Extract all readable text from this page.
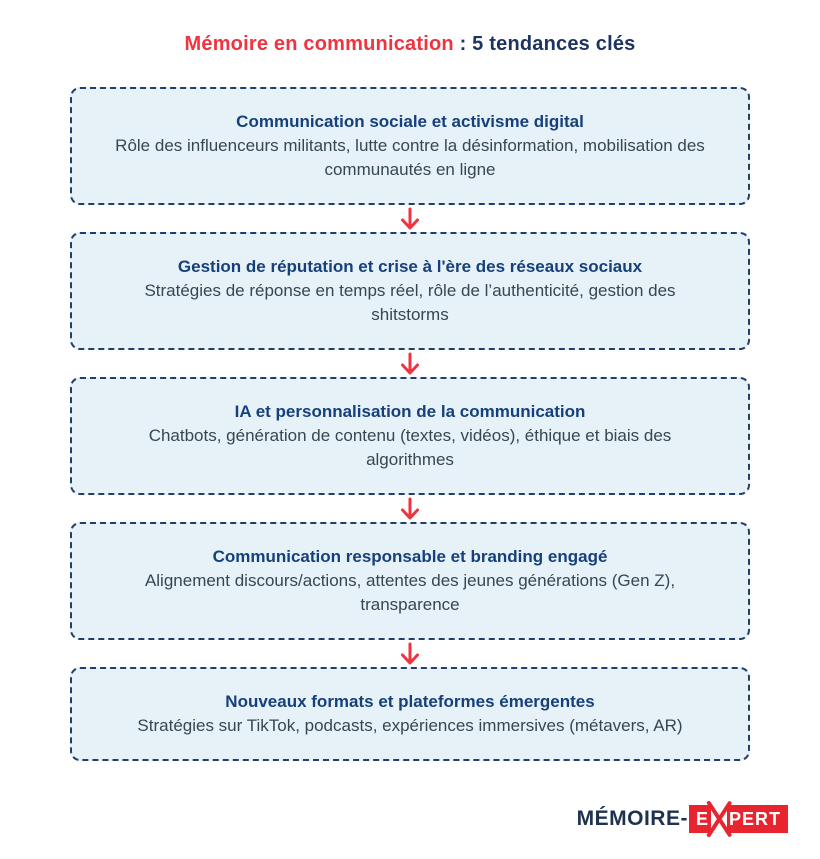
Mémoire en communication : 5 tendances clés
Communication sociale et activisme digital
Rôle des influenceurs militants, lutte contre la désinformation, mobilisation des communautés en ligne
Gestion de réputation et crise à l'ère des réseaux sociaux
Stratégies de réponse en temps réel, rôle de l’authenticité, gestion des shitstorms
IA et personnalisation de la communication
Chatbots, génération de contenu (textes, vidéos), éthique et biais des algorithmes
Communication responsable et branding engagé
Alignement discours/actions, attentes des jeunes générations (Gen Z), transparence
Nouveaux formats et plateformes émergentes
Stratégies sur TikTok, podcasts, expériences immersives (métavers, AR)
MÉMOIRE- E PERT
